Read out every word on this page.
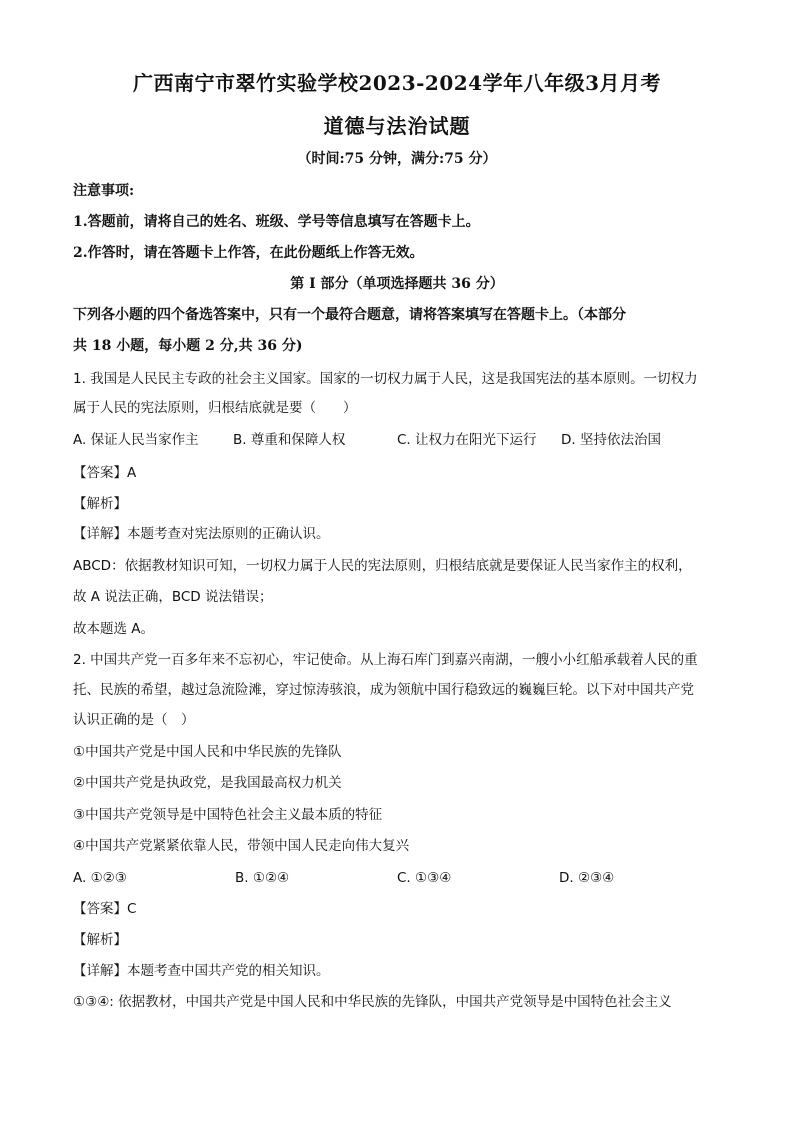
广西南宁市翠竹实验学校2023-2024学年八年级3月月考
道德与法治试题
（时间:75 分钟，满分:75 分）
注意事项:
1.答题前，请将自己的姓名、班级、学号等信息填写在答题卡上。
2.作答时，请在答题卡上作答，在此份题纸上作答无效。
第 I 部分（单项选择题共 36 分）
下列各小题的四个备选答案中，只有一个最符合题意，请将答案填写在答题卡上。（本部分
共 18 小题，每小题 2 分,共 36 分)
1. 我国是人民民主专政的社会主义国家。国家的一切权力属于人民，这是我国宪法的基本原则。一切权力
属于人民的宪法原则，归根结底就是要（　　）
A. 保证人民当家作主	B. 尊重和保障人权	C. 让权力在阳光下运行	D. 坚持依法治国
【答案】A
【解析】
【详解】本题考查对宪法原则的正确认识。
ABCD：依据教材知识可知，一切权力属于人民的宪法原则，归根结底就是要保证人民当家作主的权利，
故 A 说法正确，BCD 说法错误；
故本题选 A。
2. 中国共产党一百多年来不忘初心，牢记使命。从上海石库门到嘉兴南湖，一艘小小红船承载着人民的重
托、民族的希望，越过急流险滩，穿过惊涛骇浪，成为领航中国行稳致远的巍巍巨轮。以下对中国共产党
认识正确的是（　）
①中国共产党是中国人民和中华民族的先锋队
②中国共产党是执政党，是我国最高权力机关
③中国共产党领导是中国特色社会主义最本质的特征
④中国共产党紧紧依靠人民，带领中国人民走向伟大复兴
A. ①②③	B. ①②④	C. ①③④	D. ②③④
【答案】C
【解析】
【详解】本题考查中国共产党的相关知识。
①③④: 依据教材，中国共产党是中国人民和中华民族的先锋队，中国共产党领导是中国特色社会主义
